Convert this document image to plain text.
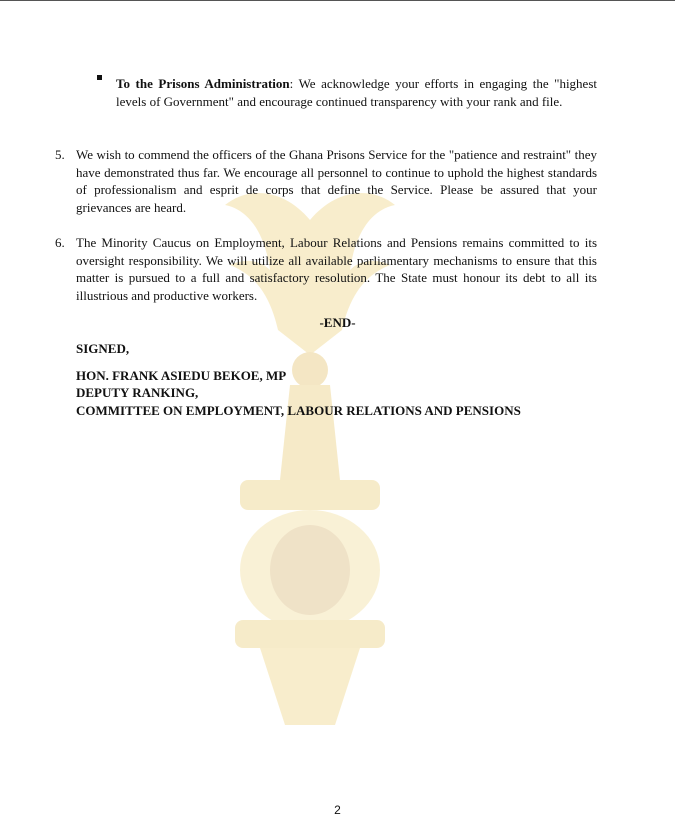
To the Prisons Administration: We acknowledge your efforts in engaging the "highest levels of Government" and encourage continued transparency with your rank and file.
5. We wish to commend the officers of the Ghana Prisons Service for the "patience and restraint" they have demonstrated thus far. We encourage all personnel to continue to uphold the highest standards of professionalism and esprit de corps that define the Service. Please be assured that your grievances are heard.
6. The Minority Caucus on Employment, Labour Relations and Pensions remains committed to its oversight responsibility. We will utilize all available parliamentary mechanisms to ensure that this matter is pursued to a full and satisfactory resolution. The State must honour its debt to all its illustrious and productive workers.
-END-
SIGNED,
HON. FRANK ASIEDU BEKOE, MP
DEPUTY RANKING,
COMMITTEE ON EMPLOYMENT, LABOUR RELATIONS AND PENSIONS
2
